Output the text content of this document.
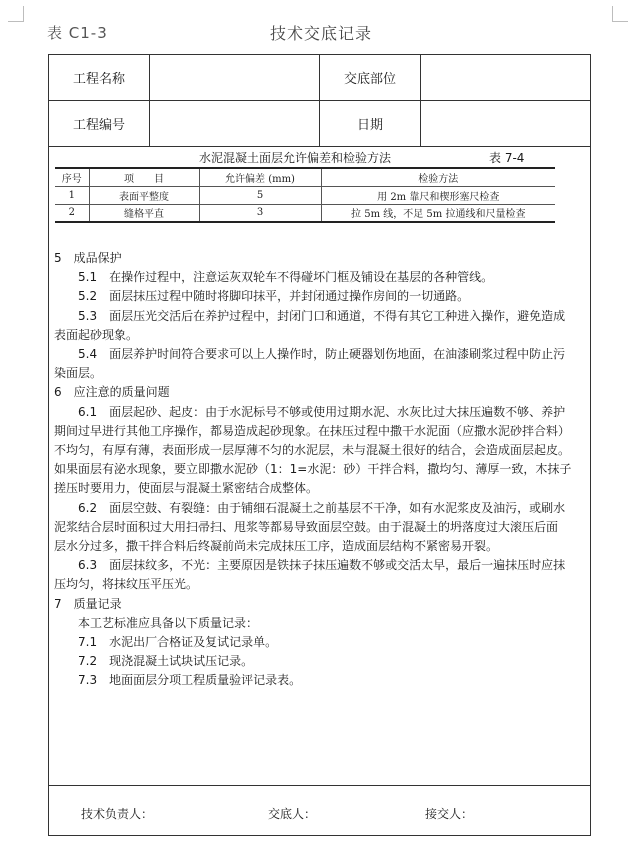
表 C1-3	技术交底记录
工程名称	交底部位
工程编号	日期
水泥混凝土面层允许偏差和检验方法	表 7-4
序号	项　　目	允许偏差 (mm)	检验方法
1	表面平整度	5	用 2m 靠尺和楔形塞尺检查
2	缝格平直	3	拉 5m 线，不足 5m 拉通线和尺量检查

5　成品保护

5.1　在操作过程中，注意运灰双轮车不得碰坏门框及铺设在基层的各种管线。

5.2　面层抹压过程中随时将脚印抹平，并封闭通过操作房间的一切通路。

5.3　面层压光交活后在养护过程中，封闭门口和通道，不得有其它工种进入操作，避免造成

表面起砂现象。

5.4　面层养护时间符合要求可以上人操作时，防止硬器划伤地面，在油漆刷浆过程中防止污

染面层。

6　应注意的质量问题

6.1　面层起砂、起皮：由于水泥标号不够或使用过期水泥、水灰比过大抹压遍数不够、养护

期间过早进行其他工序操作，都易造成起砂现象。在抹压过程中撒干水泥面（应撒水泥砂拌合料）

不均匀，有厚有薄，表面形成一层厚薄不匀的水泥层，未与混凝土很好的结合，会造成面层起皮。

如果面层有泌水现象，要立即撒水泥砂（1：1=水泥：砂）干拌合料，撒均匀、薄厚一致，木抹子

搓压时要用力，使面层与混凝土紧密结合成整体。

6.2　面层空鼓、有裂缝：由于铺细石混凝土之前基层不干净，如有水泥浆皮及油污，或刷水

泥浆结合层时面积过大用扫帚扫、甩浆等都易导致面层空鼓。由于混凝土的坍落度过大滚压后面

层水分过多，撒干拌合料后终凝前尚未完成抹压工序，造成面层结构不紧密易开裂。

6.3　面层抹纹多，不光：主要原因是铁抹子抹压遍数不够或交活太早，最后一遍抹压时应抹

压均匀，将抹纹压平压光。

7　质量记录

本工艺标准应具备以下质量记录：

7.1　水泥出厂合格证及复试记录单。

7.2　现浇混凝土试块试压记录。

7.3　地面面层分项工程质量验评记录表。

技术负责人：	交底人：	接交人：
